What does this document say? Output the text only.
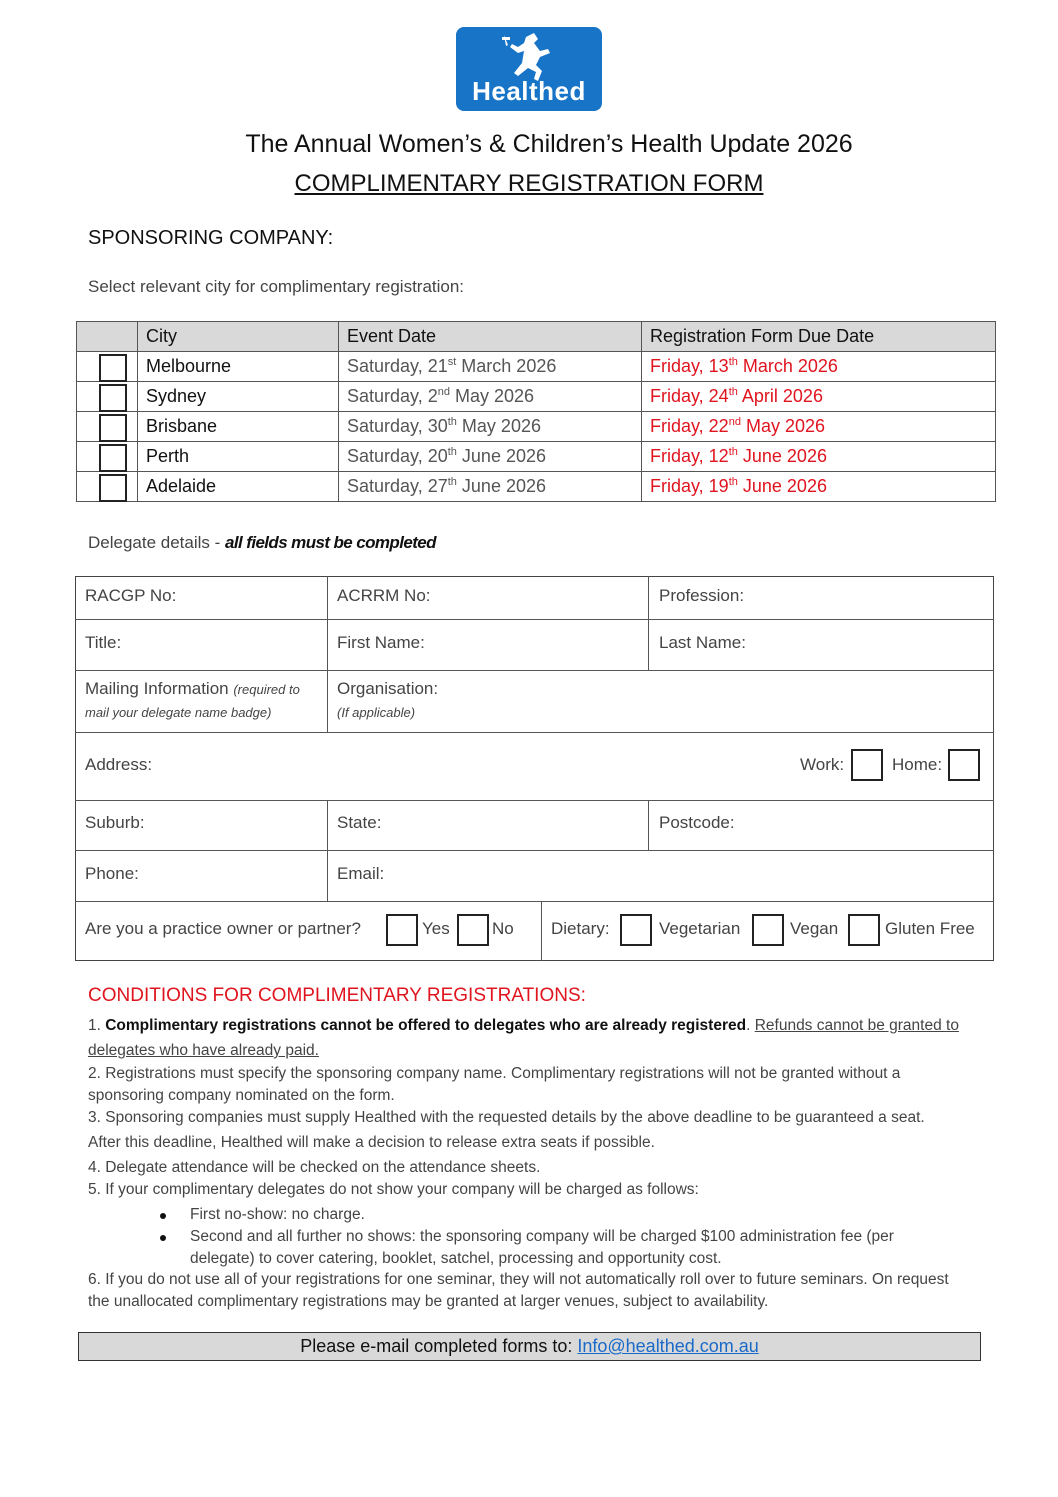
Healthed
The Annual Women’s & Children’s Health Update 2026
COMPLIMENTARY REGISTRATION FORM
SPONSORING COMPANY:
Select relevant city for complimentary registration:
	City	Event Date	Registration Form Due Date

	Melbourne	Saturday, 21st March 2026	Friday, 13th March 2026

	Sydney	Saturday, 2nd May 2026	Friday, 24th April 2026

	Brisbane	Saturday, 30th May 2026	Friday, 22nd May 2026

	Perth	Saturday, 20th June 2026	Friday, 12th June 2026

	Adelaide	Saturday, 27th June 2026	Friday, 19th June 2026
Delegate details - all fields must be completed
RACGP No:	ACRRM No:	Profession:
Title:	First Name:	Last Name:
Mailing Information (required to
mail your delegate name badge)
Organisation:
(If applicable)
Address:	Work:	Home:
Suburb:	State:	Postcode:
Phone:	Email:
Are you a practice owner or partner?	Yes No Dietary:	Vegetarian	Vegan	Gluten Free
CONDITIONS FOR COMPLIMENTARY REGISTRATIONS:
1. Complimentary registrations cannot be offered to delegates who are already registered. Refunds cannot be granted to delegates who have already paid.
2. Registrations must specify the sponsoring company name. Complimentary registrations will not be granted without a sponsoring company nominated on the form.
3. Sponsoring companies must supply Healthed with the requested details by the above deadline to be guaranteed a seat.
After this deadline, Healthed will make a decision to release extra seats if possible.
4. Delegate attendance will be checked on the attendance sheets.
5. If your complimentary delegates do not show your company will be charged as follows:
First no-show: no charge.
Second and all further no shows: the sponsoring company will be charged $100 administration fee (per delegate) to cover catering, booklet, satchel, processing and opportunity cost.
6. If you do not use all of your registrations for one seminar, they will not automatically roll over to future seminars. On request the unallocated complimentary registrations may be granted at larger venues, subject to availability.
Please e-mail completed forms to: Info@healthed.com.au
